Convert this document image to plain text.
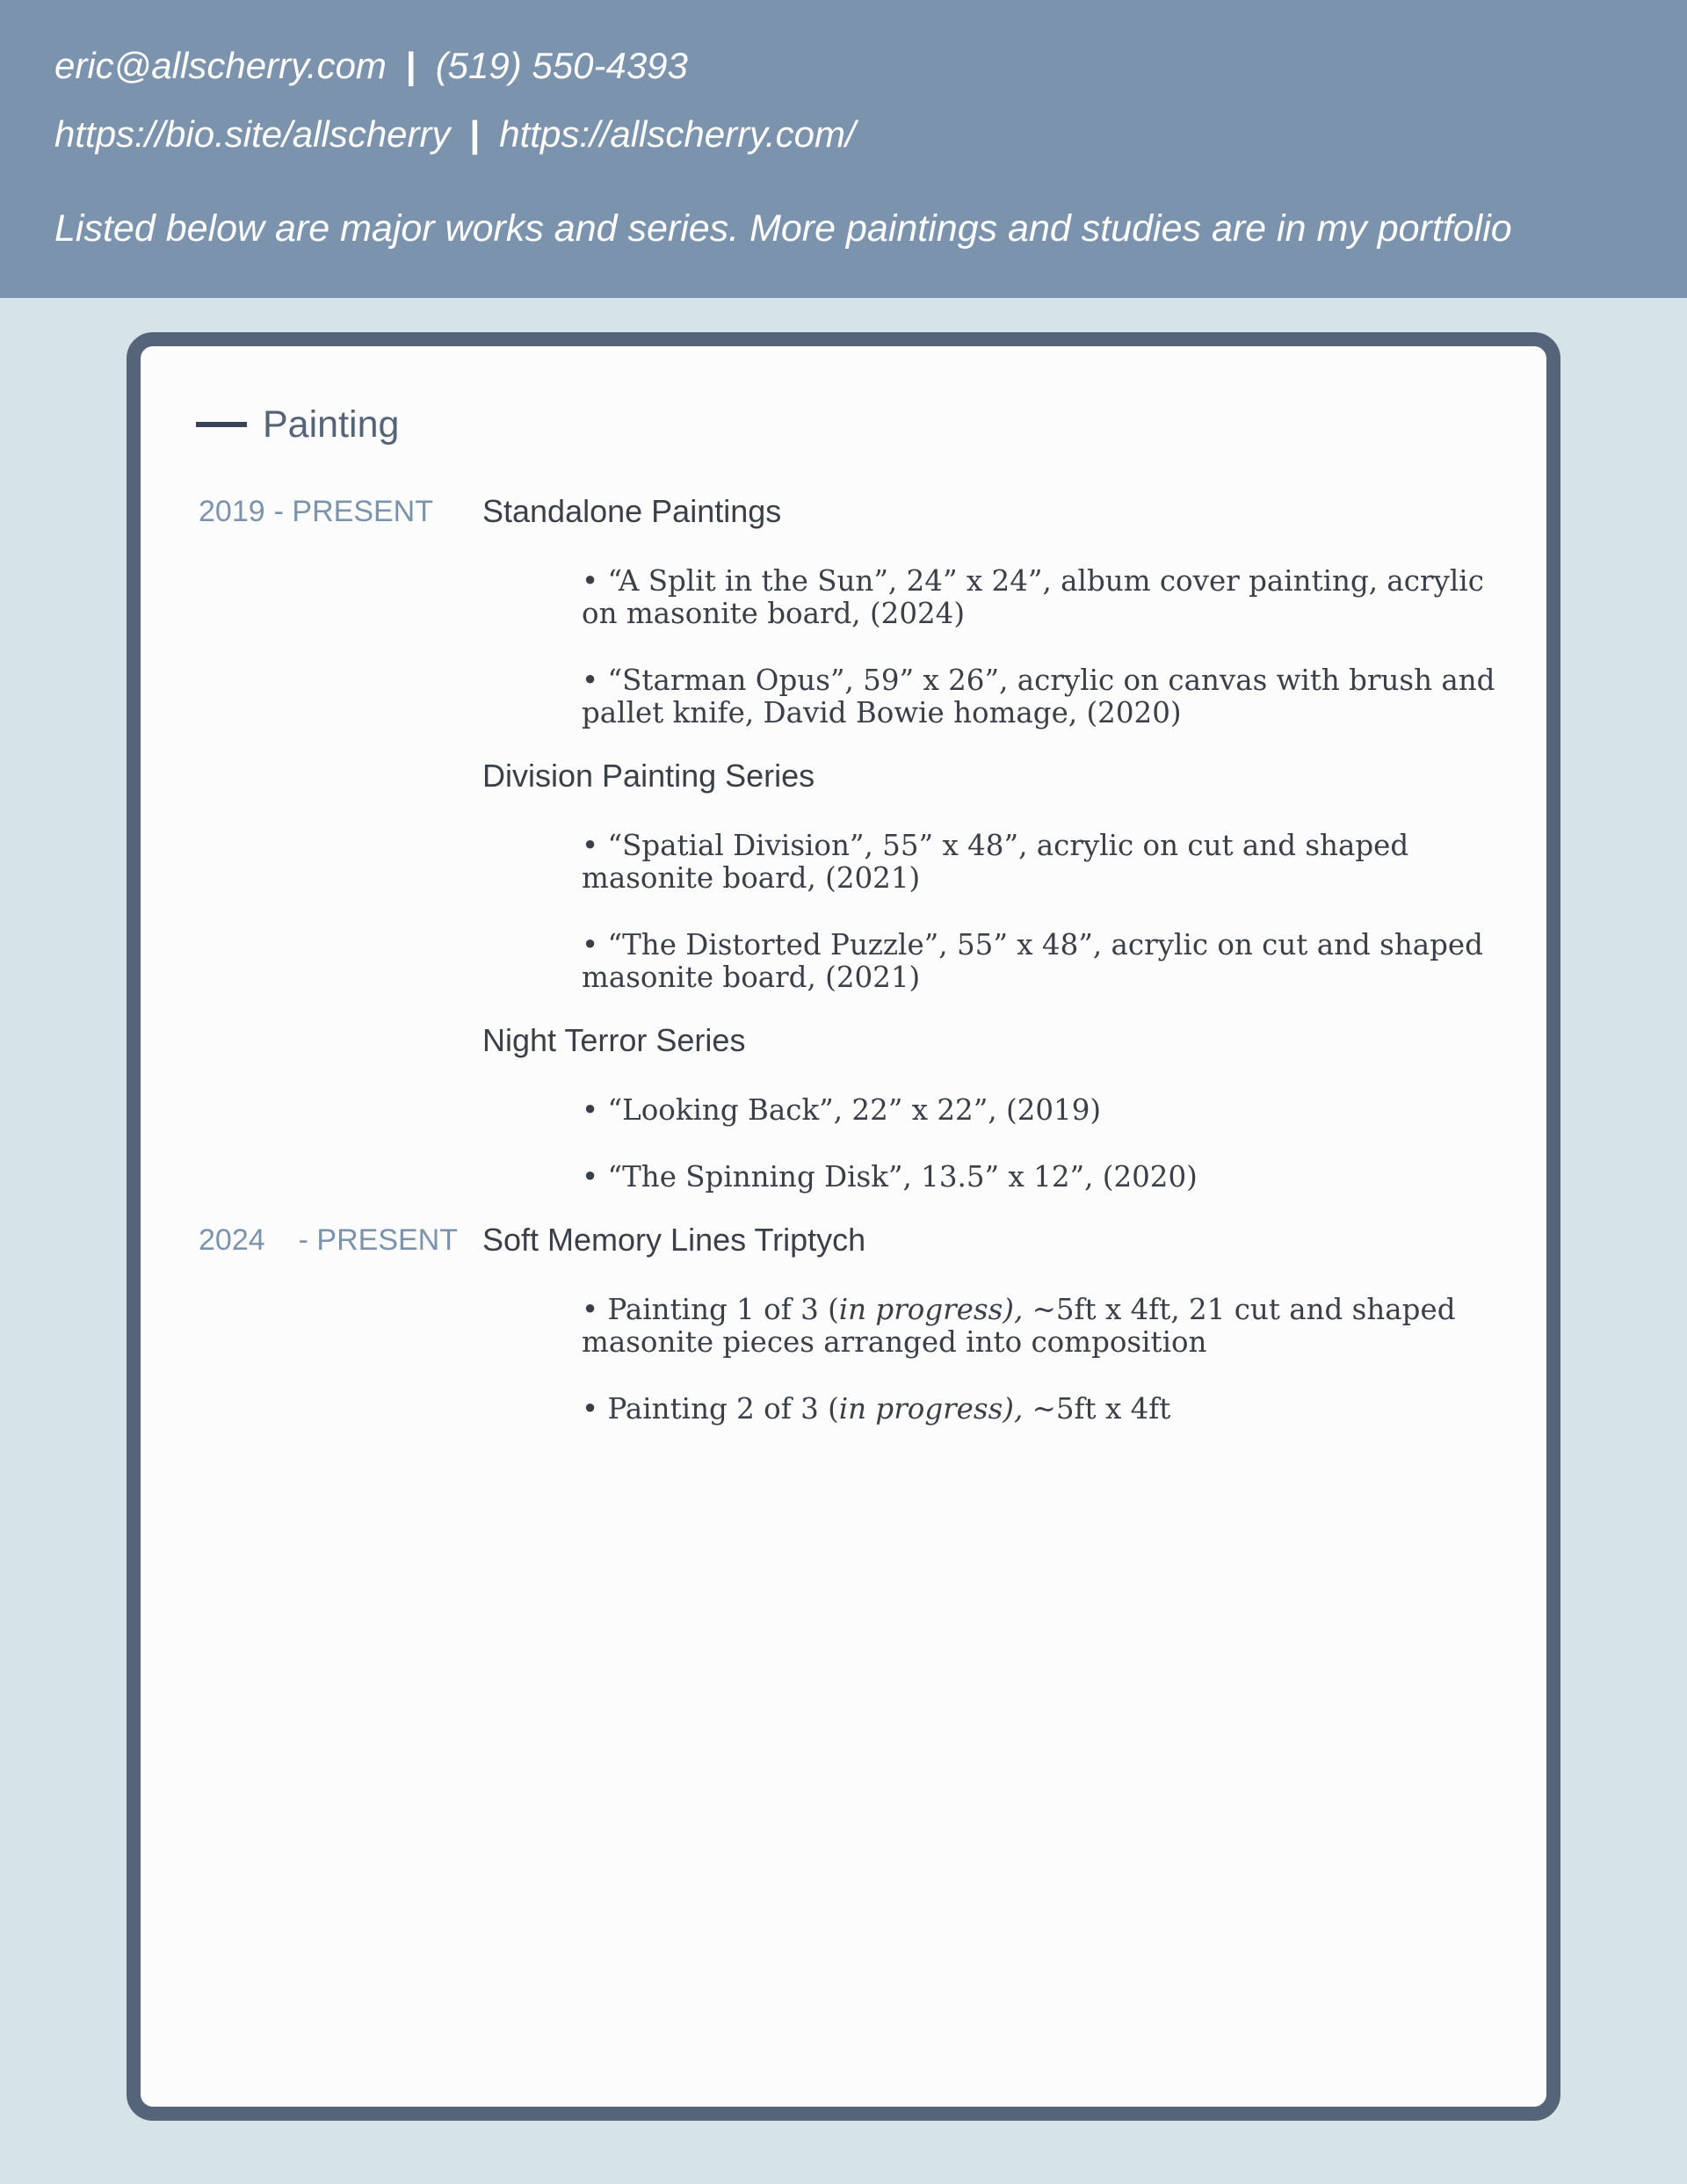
eric@allscherry.com | (519) 550-4393
https://bio.site/allscherry | https://allscherry.com/
Listed below are major works and series. More paintings and studies are in my portfolio
Painting
2019 - PRESENT Standalone Paintings
• “A Split in the Sun”, 24” x 24”, album cover painting, acrylic on masonite board, (2024)
• “Starman Opus”, 59” x 26”, acrylic on canvas with brush and pallet knife, David Bowie homage, (2020)
Division Painting Series
• “Spatial Division”, 55” x 48”, acrylic on cut and shaped masonite board, (2021)
• “The Distorted Puzzle”, 55” x 48”, acrylic on cut and shaped masonite board, (2021)
Night Terror Series
• “Looking Back”, 22” x 22”, (2019)
• “The Spinning Disk”, 13.5” x 12”, (2020)
2024 - PRESENT Soft Memory Lines Triptych
• Painting 1 of 3 (in progress), ~5ft x 4ft, 21 cut and shaped masonite pieces arranged into composition
• Painting 2 of 3 (in progress), ~5ft x 4ft
